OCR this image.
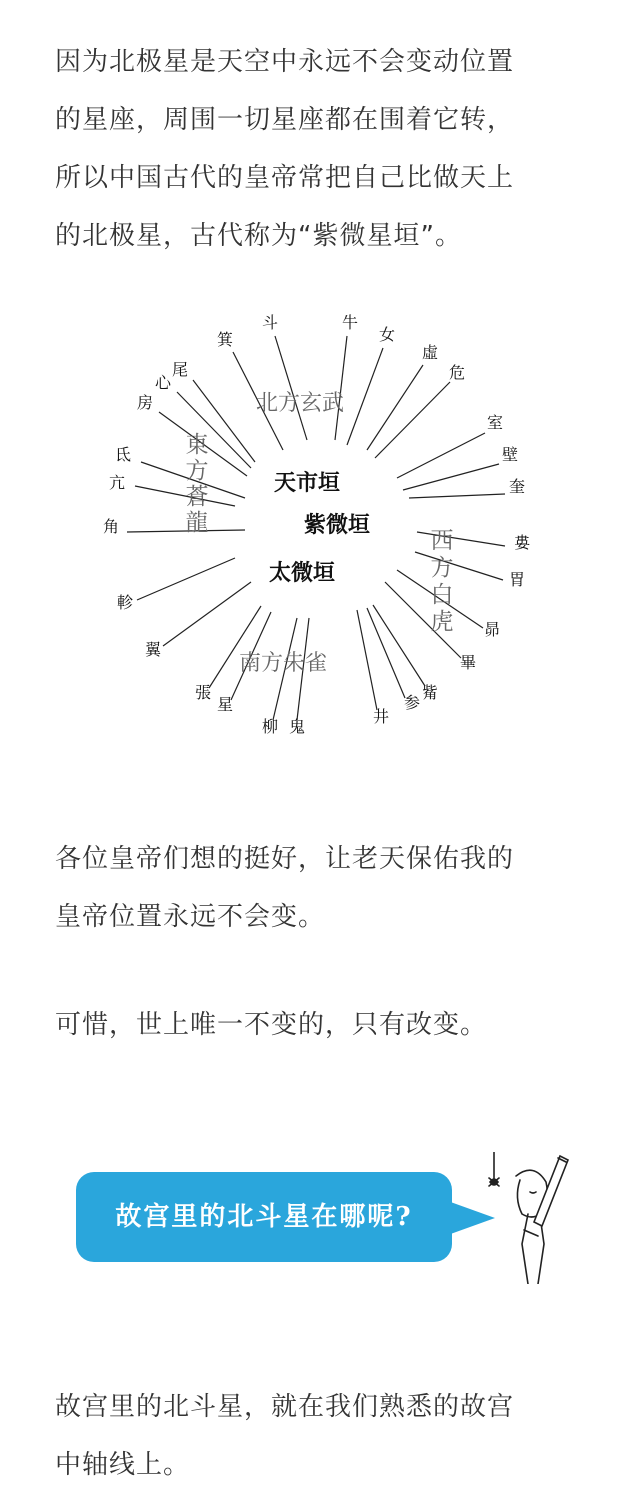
因为北极星是天空中永远不会变动位置
的星座，周围一切星座都在围着它转，
所以中国古代的皇帝常把自己比做天上
的北极星，古代称为“紫微星垣”。
箕
斗	牛
女
虛
危
室
壁
奎
婁
胃
昴
畢
觜
参
井
鬼
柳
星
張
翼
軫
角
亢
氐
房
心
尾
北方玄武
東
方
蒼
龍
西
方
白
虎
南方朱雀
天市垣
紫微垣
太微垣
各位皇帝们想的挺好，让老天保佑我的
皇帝位置永远不会变。
可惜，世上唯一不变的，只有改变。
故宫里的北斗星在哪呢?
故宫里的北斗星，就在我们熟悉的故宫
中轴线上。
